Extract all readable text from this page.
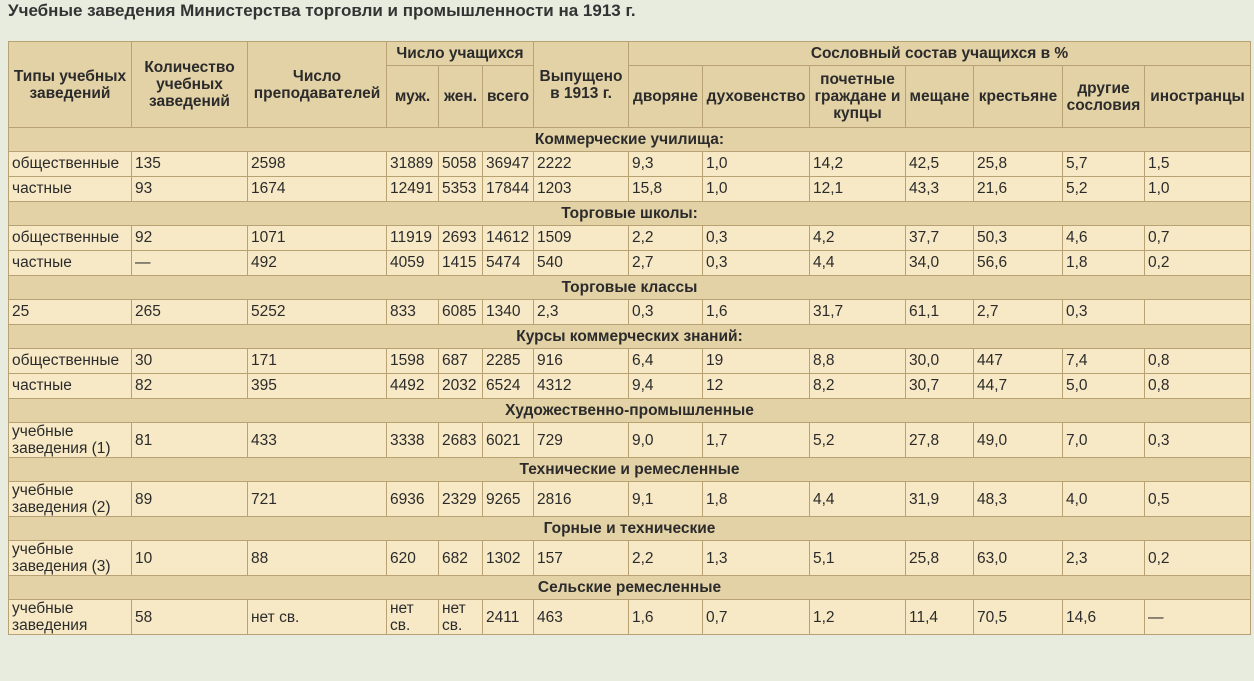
Учебные заведения Министерства торговли и промышленности на 1913 г.
Типы учебных заведений	Количество учебных заведений	Число преподавателей	Число учащихся			Выпущено в 1913 г.	Сословный состав учащихся в %						
			муж.	жен.	всего		дворяне	духовенство	почетные граждане и купцы	мещане	крестьяне	другие сословия	иностранцы
Коммерческие училища:													
общественные	135	2598	31889	5058	36947	2222	9,3	1,0	14,2	42,5	25,8	5,7	1,5
частные	93	1674	12491	5353	17844	1203	15,8	1,0	12,1	43,3	21,6	5,2	1,0
Торговые школы:													
общественные	92	1071	11919	2693	14612	1509	2,2	0,3	4,2	37,7	50,3	4,6	0,7
частные	—	492	4059	1415	5474	540	2,7	0,3	4,4	34,0	56,6	1,8	0,2
Торговые классы													
25	265	5252	833	6085	1340	2,3	0,3	1,6	31,7	61,1	2,7	0,3	
Курсы коммерческих знаний:													
общественные	30	171	1598	687	2285	916	6,4	19	8,8	30,0	447	7,4	0,8
частные	82	395	4492	2032	6524	4312	9,4	12	8,2	30,7	44,7	5,0	0,8
Художественно-промышленные													
учебные заведения (1)	81	433	3338	2683	6021	729	9,0	1,7	5,2	27,8	49,0	7,0	0,3
Технические и ремесленные													
учебные заведения (2)	89	721	6936	2329	9265	2816	9,1	1,8	4,4	31,9	48,3	4,0	0,5
Горные и технические													
учебные заведения (3)	10	88	620	682	1302	157	2,2	1,3	5,1	25,8	63,0	2,3	0,2
Сельские ремесленные													
учебные заведения	58	нет св.	нет св.	нет св.	2411	463	1,6	0,7	1,2	11,4	70,5	14,6	—
